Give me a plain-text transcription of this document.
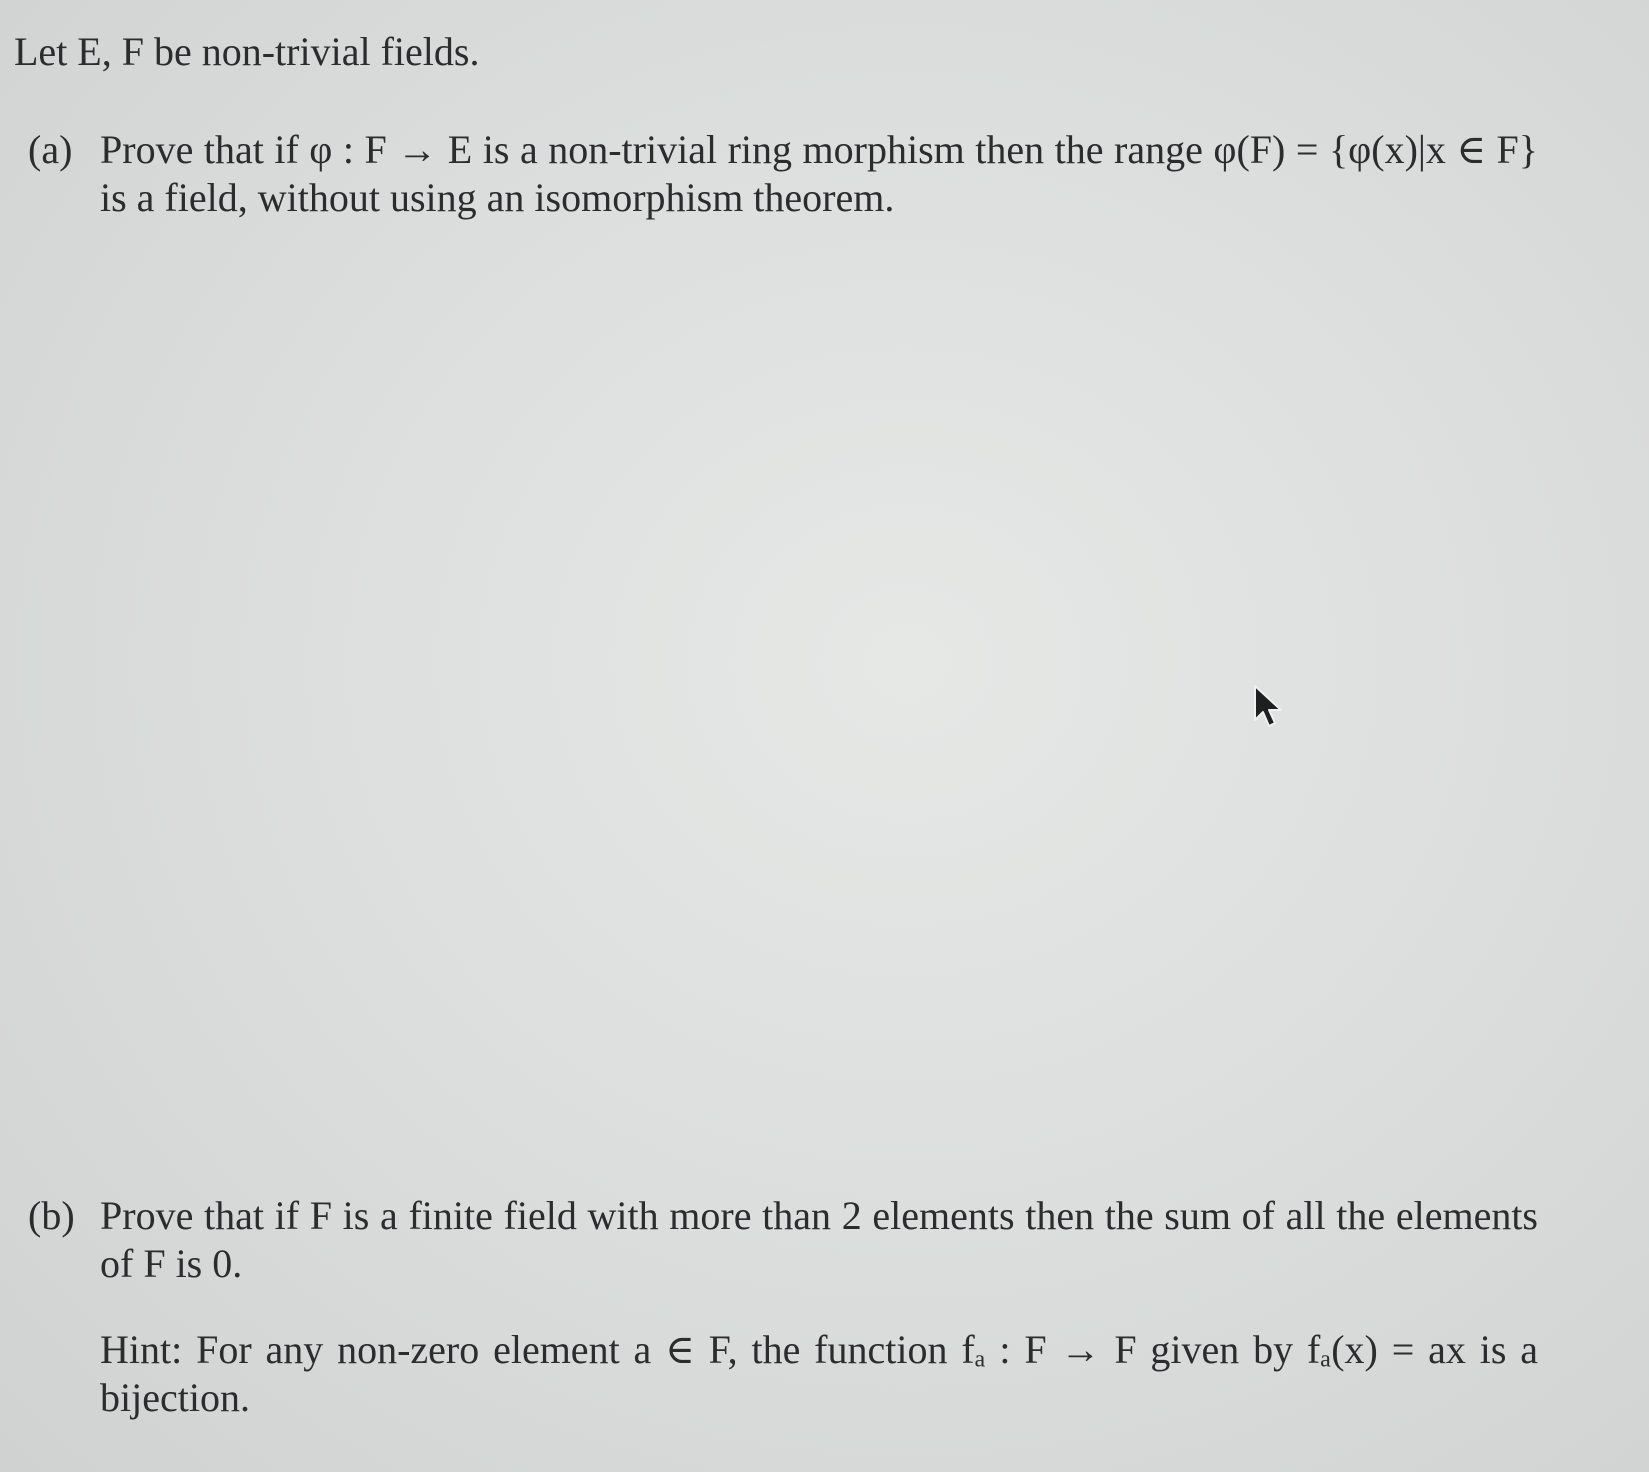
Let E, F be non-trivial fields.
(a) Prove that if φ : F → E is a non-trivial ring morphism then the range φ(F) = {φ(x)|x ∈ F} is a field, without using an isomorphism theorem.
(b) Prove that if F is a finite field with more than 2 elements then the sum of all the elements of F is 0.
Hint: For any non-zero element a ∈ F, the function fₐ : F → F given by fₐ(x) = ax is a bijection.
